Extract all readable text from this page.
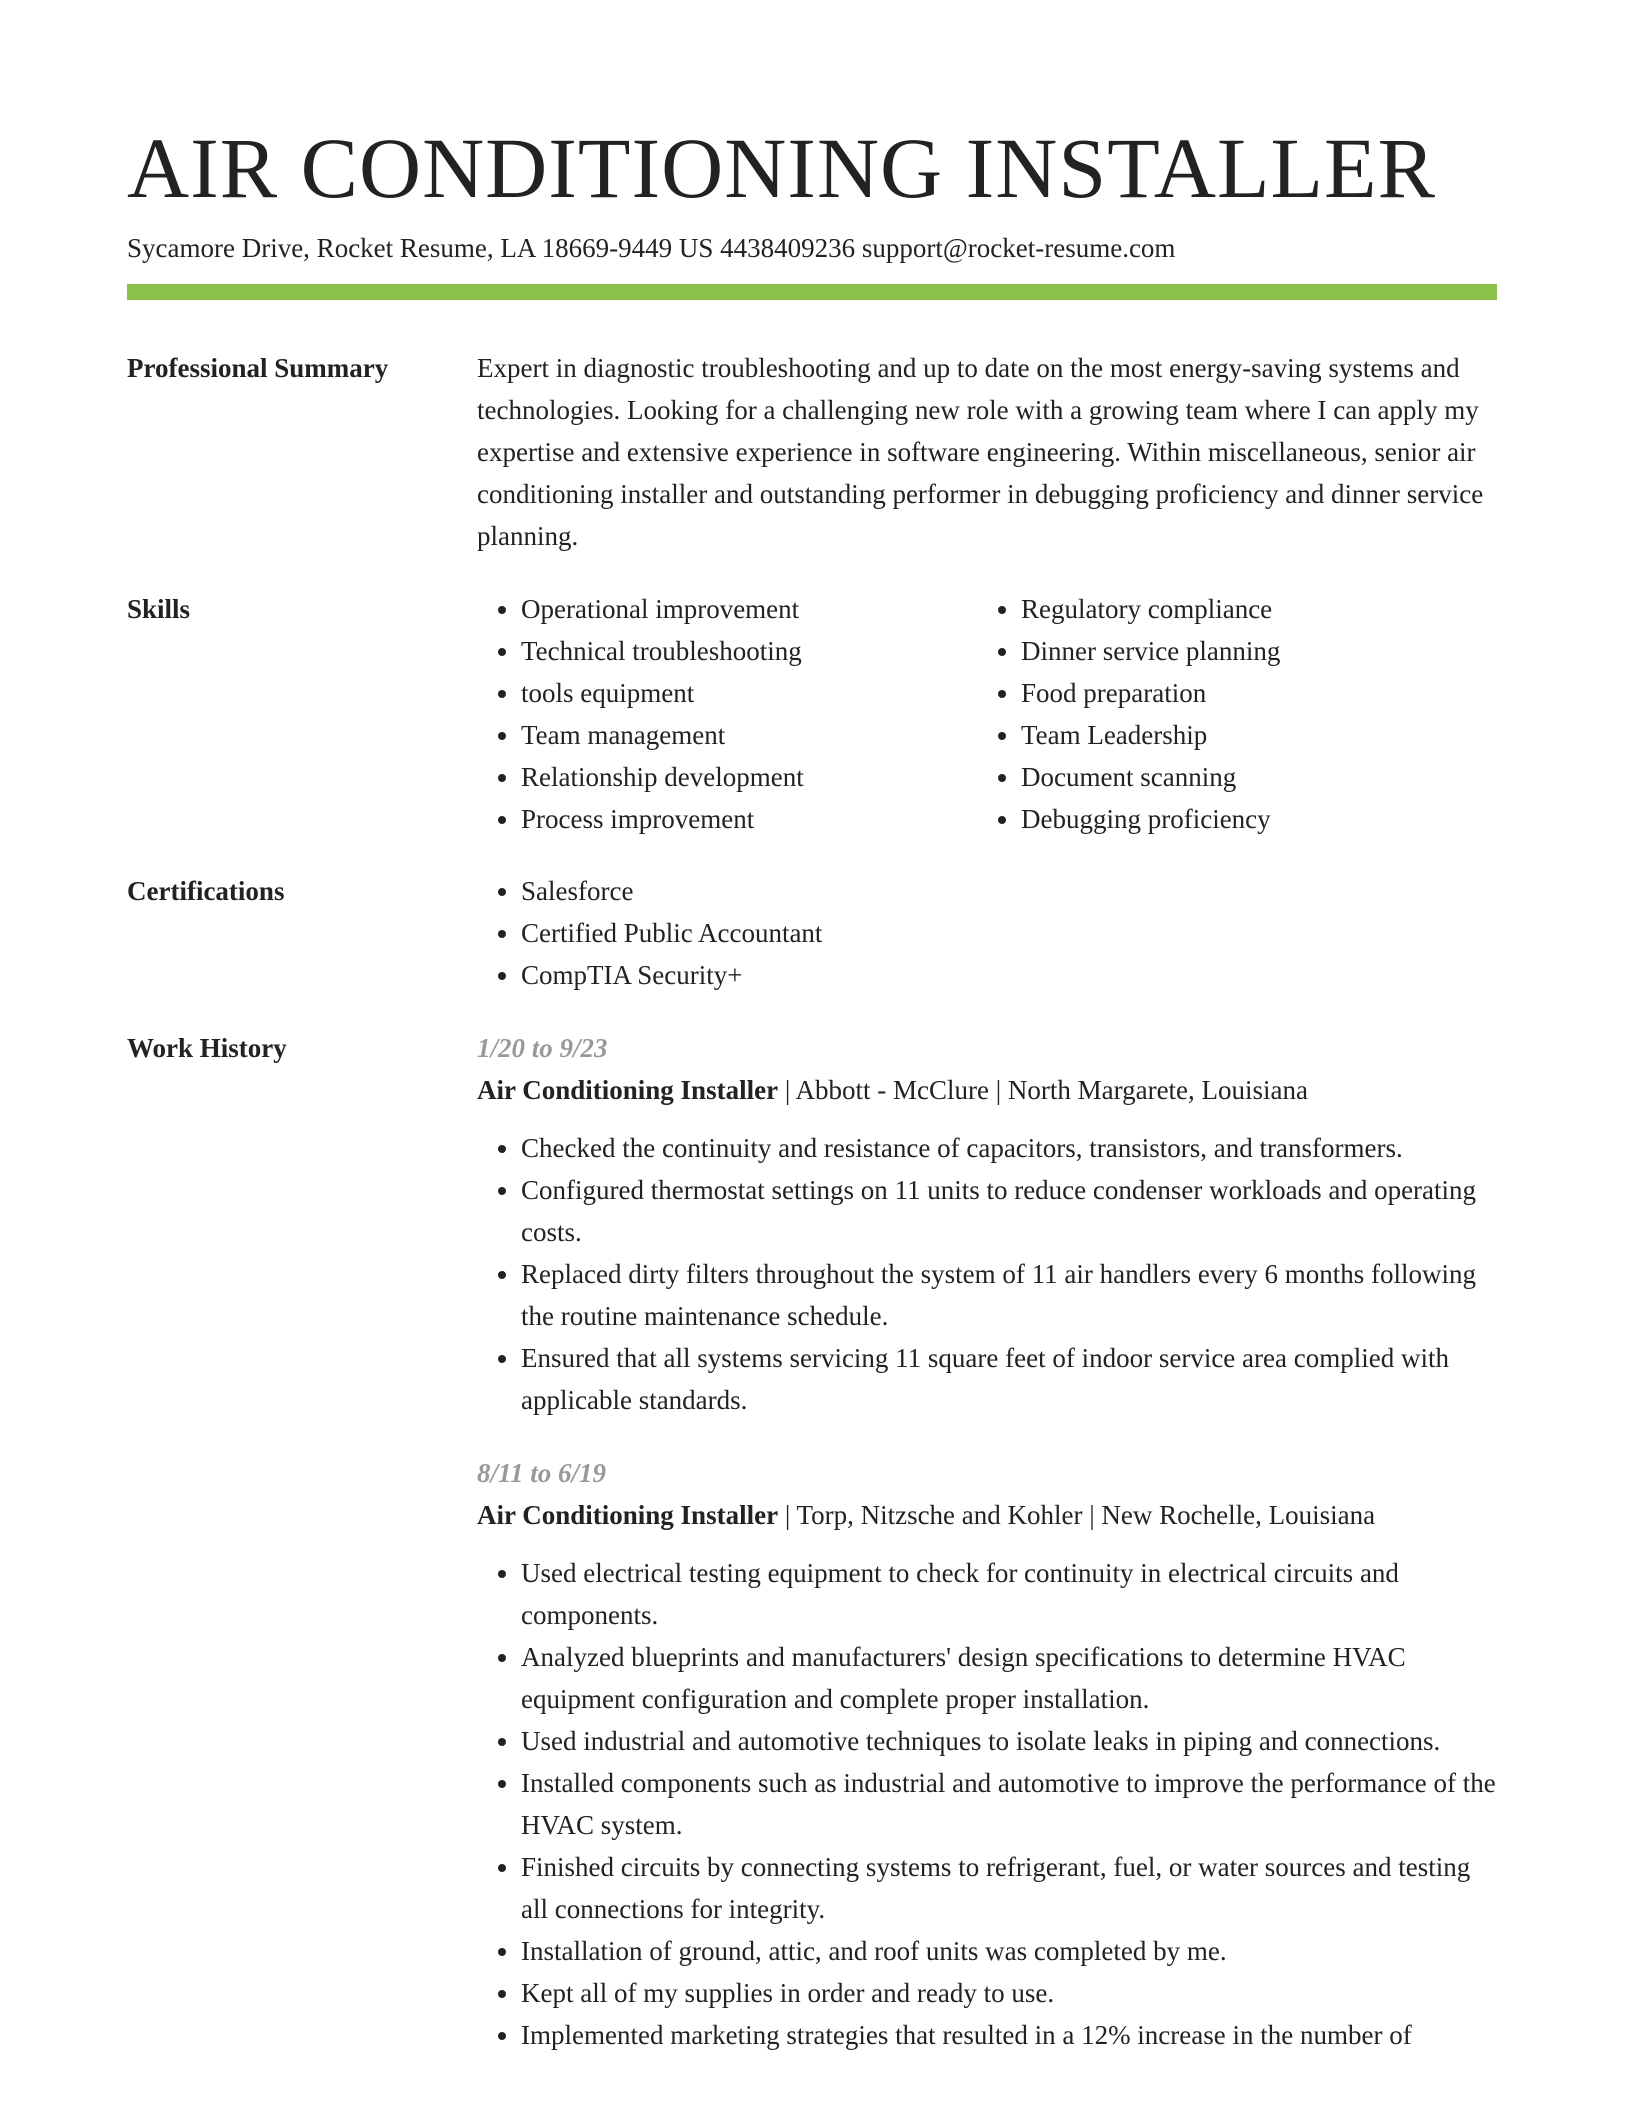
AIR CONDITIONING INSTALLER
Sycamore Drive, Rocket Resume, LA 18669-9449 US 4438409236 support@rocket-resume.com
Professional Summary	Expert in diagnostic troubleshooting and up to date on the most energy-saving systems and technologies. Looking for a challenging new role with a growing team where I can apply my expertise and extensive experience in software engineering. Within miscellaneous, senior air conditioning installer and outstanding performer in debugging proficiency and dinner service planning.

Skills	• Operational improvement
• Technical troubleshooting
• tools equipment
• Team management
• Relationship development
• Process improvement
• Regulatory compliance
• Dinner service planning
• Food preparation
• Team Leadership
• Document scanning
• Debugging proficiency
Certifications	• Salesforce
• Certified Public Accountant
• CompTIA Security+
Work History	1/20 to 9/23
Air Conditioning Installer | Abbott - McClure | North Margarete, Louisiana
• Checked the continuity and resistance of capacitors, transistors, and transformers.
• Configured thermostat settings on 11 units to reduce condenser workloads and operating costs.
• Replaced dirty filters throughout the system of 11 air handlers every 6 months following the routine maintenance schedule.
• Ensured that all systems servicing 11 square feet of indoor service area complied with applicable standards.
8/11 to 6/19
Air Conditioning Installer | Torp, Nitzsche and Kohler | New Rochelle, Louisiana
• Used electrical testing equipment to check for continuity in electrical circuits and components.
• Analyzed blueprints and manufacturers' design specifications to determine HVAC equipment configuration and complete proper installation.
• Used industrial and automotive techniques to isolate leaks in piping and connections.
• Installed components such as industrial and automotive to improve the performance of the HVAC system.
• Finished circuits by connecting systems to refrigerant, fuel, or water sources and testing all connections for integrity.
• Installation of ground, attic, and roof units was completed by me.
• Kept all of my supplies in order and ready to use.
• Implemented marketing strategies that resulted in a 12% increase in the number of
